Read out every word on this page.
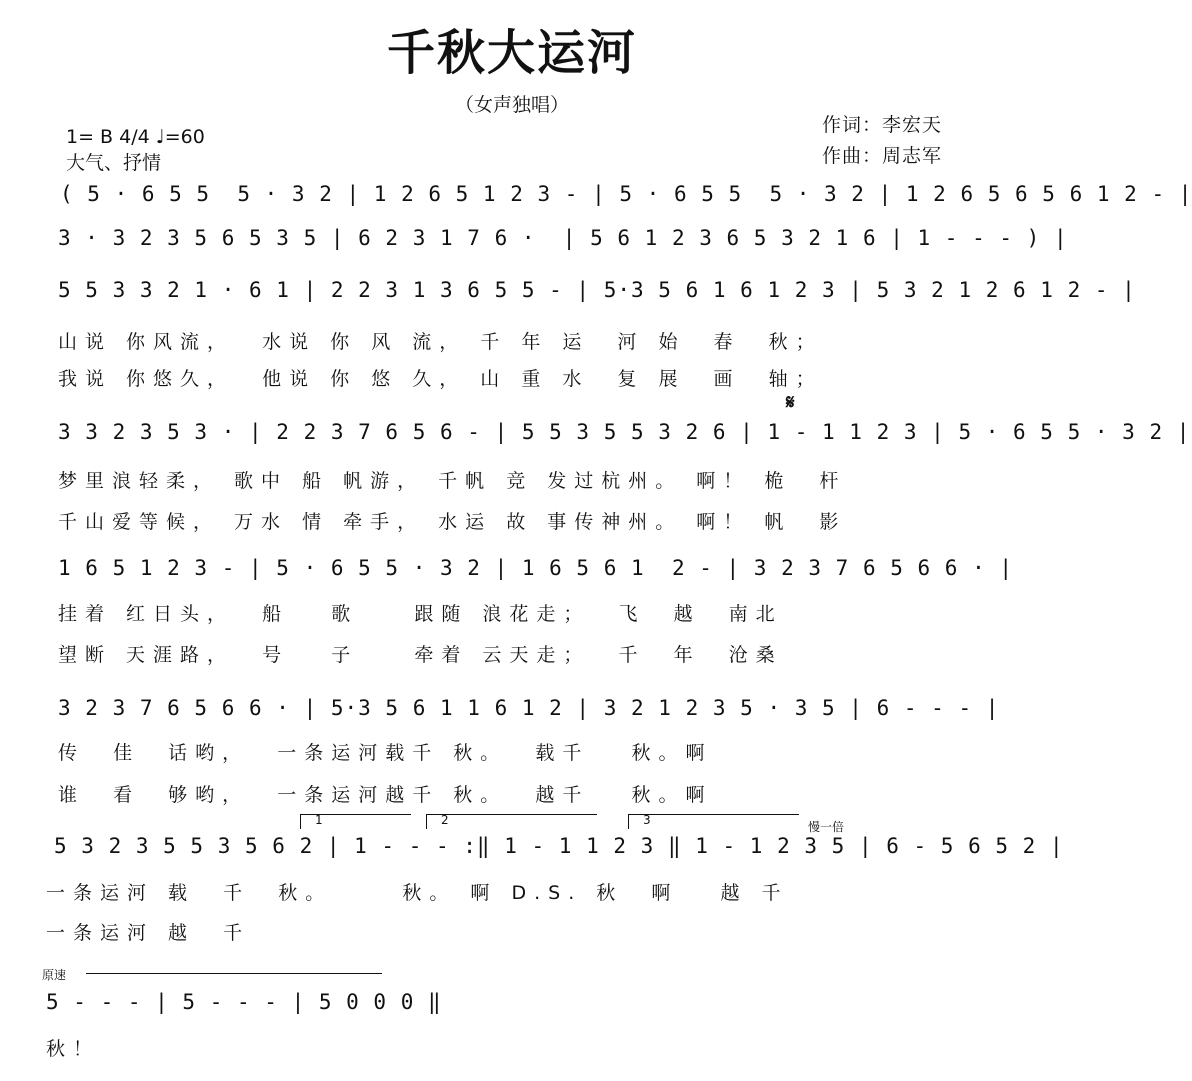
千秋大运河
（女声独唱）
1= B 4/4 ♩=60
大气、抒情
作词：李宏天
作曲：周志军
( 5 · 6 5 5  5 · 3 2 | 1 2 6 5 1 2 3 - | 5 · 6 5 5  5 · 3 2 | 1 2 6 5 6 5 6 1 2 - |
3 · 3 2 3 5 6 5 3 5 | 6 2 3 1 7 6 ·  | 5 6 1 2 3 6 5 3 2 1 6 | 1 - - - ) |
5 5 3 3 2 1 · 6 1 | 2 2 3 1 3 6 5 5 - | 5·3 5 6 1 6 1 2 3 | 5 3 2 1 2 6 1 2 - |
山说 你风流，  水说 你 风 流， 千 年 运  河 始  春  秋；
我说 你悠久，  他说 你 悠 久， 山 重 水  复 展  画  轴；
𝄋
3 3 2 3 5 3 · | 2 2 3 7 6 5 6 - | 5 5 3 5 5 3 2 6 | 1 - 1 1 2 3 | 5 · 6 5 5 · 3 2 |
梦里浪轻柔， 歌中 船 帆游， 千帆 竞 发过杭州。 啊！ 桅  杆
千山爱等候， 万水 情 牵手， 水运 故 事传神州。 啊！ 帆  影
1 6 5 1 2 3 - | 5 · 6 5 5 · 3 2 | 1 6 5 6 1  2 - | 3 2 3 7 6 5 6 6 · |
挂着 红日头，  船   歌    跟随 浪花走；  飞  越  南北
望断 天涯路，  号   子    牵着 云天走；  千  年  沧桑
3 2 3 7 6 5 6 6 · | 5·3 5 6 1 1 6 1 2 | 3 2 1 2 3 5 · 3 5 | 6 - - - |
传  佳  话哟，  一条运河载千 秋。  载千   秋。啊
谁  看  够哟，  一条运河越千 秋。  越千   秋。啊
1	2	3	慢一倍
5 3 2 3 5 5 3 5 6 2 | 1 - - - :‖ 1 - 1 1 2 3 ‖ 1 - 1 2 3 5 | 6 - 5 6 5 2 |
一条运河 载  千  秋。     秋。 啊 D.S. 秋  啊   越 千
一条运河 越  千
原速
5 - - - | 5 - - - | 5 0 0 0 ‖
秋！
